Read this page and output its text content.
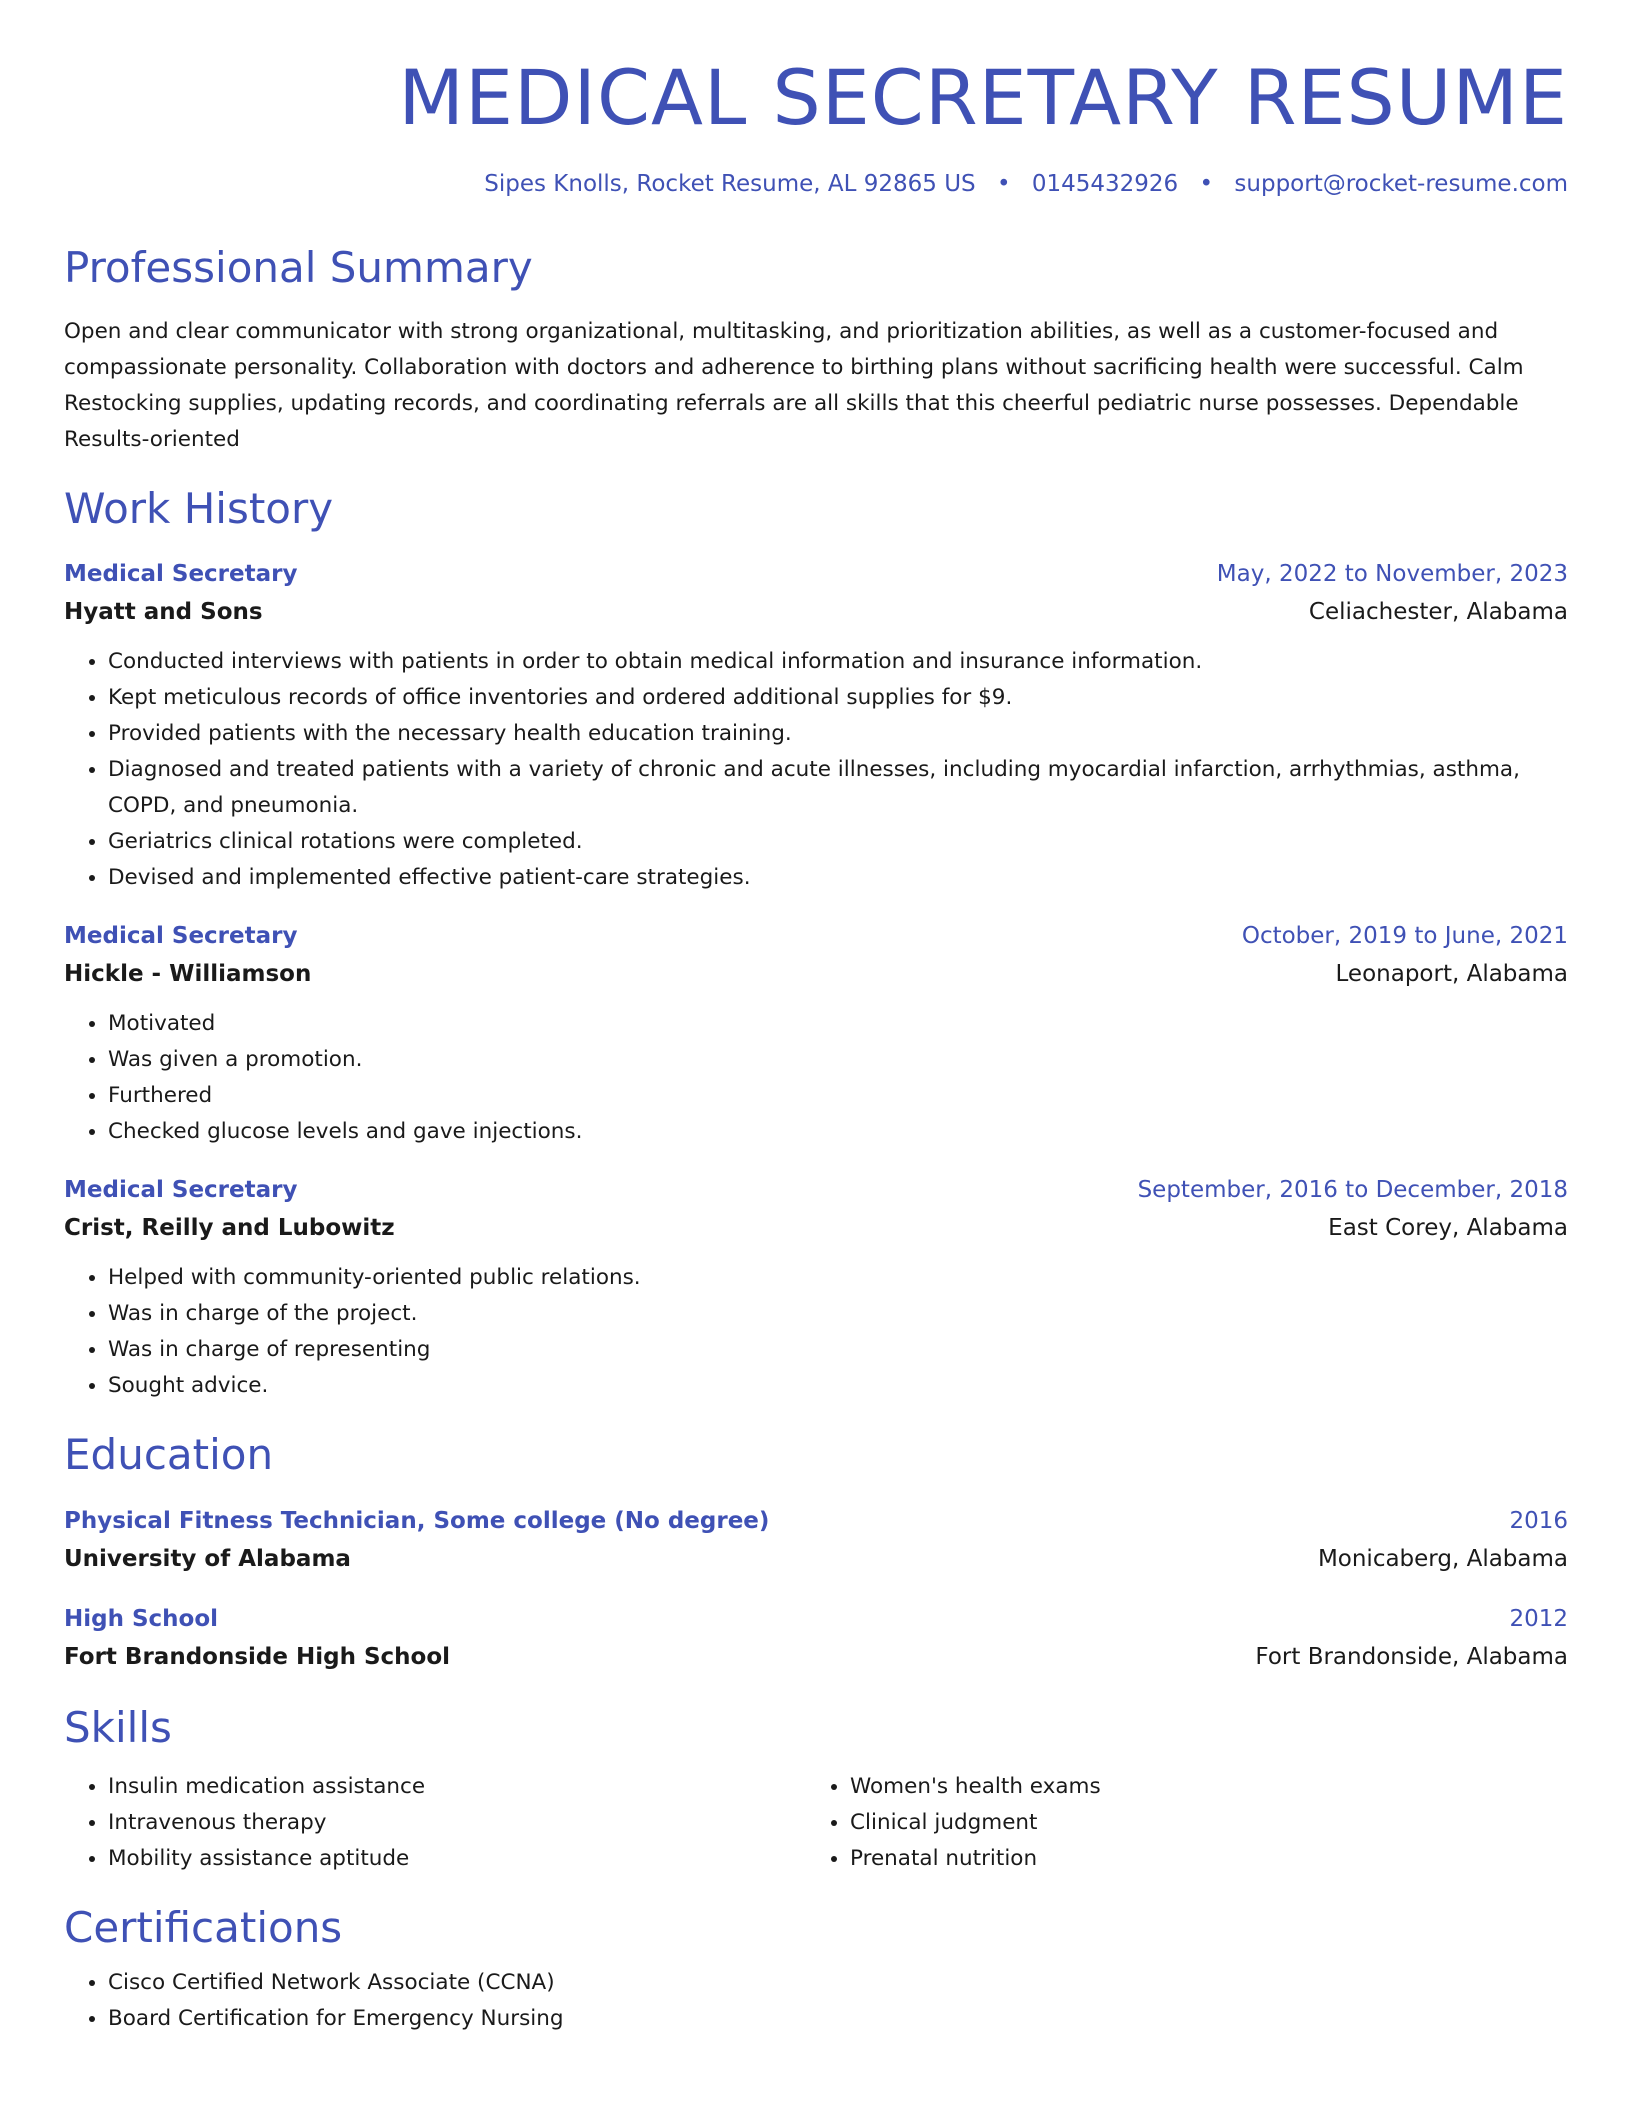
MEDICAL SECRETARY RESUME
Sipes Knolls, Rocket Resume, AL 92865 US • 0145432926 • support@rocket-resume.com
Professional Summary
Open and clear communicator with strong organizational, multitasking, and prioritization abilities, as well as a customer-focused and compassionate personality. Collaboration with doctors and adherence to birthing plans without sacrificing health were successful. Calm Restocking supplies, updating records, and coordinating referrals are all skills that this cheerful pediatric nurse possesses. Dependable Results-oriented
Work History
Medical Secretary	May, 2022 to November, 2023
Hyatt and Sons	Celiachester, Alabama
• Conducted interviews with patients in order to obtain medical information and insurance information.
• Kept meticulous records of office inventories and ordered additional supplies for $9.
• Provided patients with the necessary health education training.
• Diagnosed and treated patients with a variety of chronic and acute illnesses, including myocardial infarction, arrhythmias, asthma, COPD, and pneumonia.
• Geriatrics clinical rotations were completed.
• Devised and implemented effective patient-care strategies.
Medical Secretary	October, 2019 to June, 2021
Hickle - Williamson	Leonaport, Alabama
• Motivated
• Was given a promotion.
• Furthered
• Checked glucose levels and gave injections.
Medical Secretary	September, 2016 to December, 2018
Crist, Reilly and Lubowitz	East Corey, Alabama
• Helped with community-oriented public relations.
• Was in charge of the project.
• Was in charge of representing
• Sought advice.
Education
Physical Fitness Technician, Some college (No degree)	2016
University of Alabama	Monicaberg, Alabama
High School	2012
Fort Brandonside High School	Fort Brandonside, Alabama
Skills
• Insulin medication assistance
• Intravenous therapy
• Mobility assistance aptitude
• Women's health exams
• Clinical judgment
• Prenatal nutrition
Certifications
• Cisco Certified Network Associate (CCNA)
• Board Certification for Emergency Nursing
